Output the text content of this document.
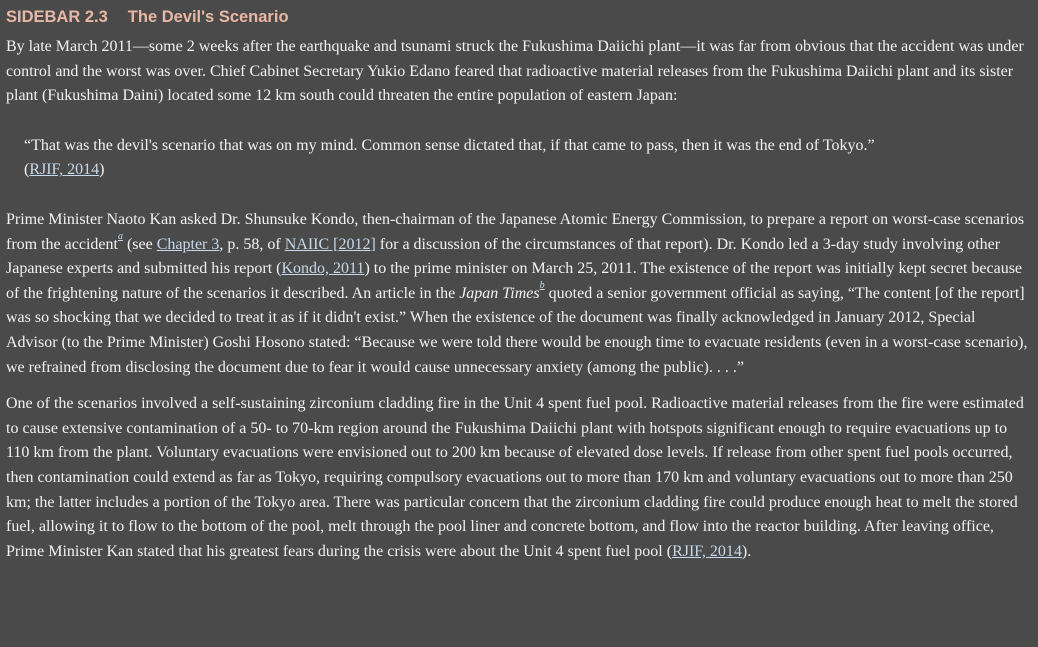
SIDEBAR 2.3 The Devil's Scenario

By late March 2011—some 2 weeks after the earthquake and tsunami struck the Fukushima Daiichi plant—it was far from obvious that the accident was under control and the worst was over. Chief Cabinet Secretary Yukio Edano feared that radioactive material releases from the Fukushima Daiichi plant and its sister plant (Fukushima Daini) located some 12 km south could threaten the entire population of eastern Japan:

“That was the devil's scenario that was on my mind. Common sense dictated that, if that came to pass, then it was the end of Tokyo.”
(RJIF, 2014)

Prime Minister Naoto Kan asked Dr. Shunsuke Kondo, then-chairman of the Japanese Atomic Energy Commission, to prepare a report on worst-case scenarios from the accident$^a$ (see Chapter 3, p. 58, of NAIIC [2012] for a discussion of the circumstances of that report). Dr. Kondo led a 3-day study involving other Japanese experts and submitted his report (Kondo, 2011) to the prime minister on March 25, 2011. The existence of the report was initially kept secret because of the frightening nature of the scenarios it described. An article in the Japan Times$^b$ quoted a senior government official as saying, “The content [of the report] was so shocking that we decided to treat it as if it didn't exist.” When the existence of the document was finally acknowledged in January 2012, Special Advisor (to the Prime Minister) Goshi Hosono stated: “Because we were told there would be enough time to evacuate residents (even in a worst-case scenario), we refrained from disclosing the document due to fear it would cause unnecessary anxiety (among the public). . . .”

One of the scenarios involved a self-sustaining zirconium cladding fire in the Unit 4 spent fuel pool. Radioactive material releases from the fire were estimated to cause extensive contamination of a 50- to 70-km region around the Fukushima Daiichi plant with hotspots significant enough to require evacuations up to 110 km from the plant. Voluntary evacuations were envisioned out to 200 km because of elevated dose levels. If release from other spent fuel pools occurred, then contamination could extend as far as Tokyo, requiring compulsory evacuations out to more than 170 km and voluntary evacuations out to more than 250 km; the latter includes a portion of the Tokyo area. There was particular concern that the zirconium cladding fire could produce enough heat to melt the stored fuel, allowing it to flow to the bottom of the pool, melt through the pool liner and concrete bottom, and flow into the reactor building. After leaving office, Prime Minister Kan stated that his greatest fears during the crisis were about the Unit 4 spent fuel pool (RJIF, 2014).
